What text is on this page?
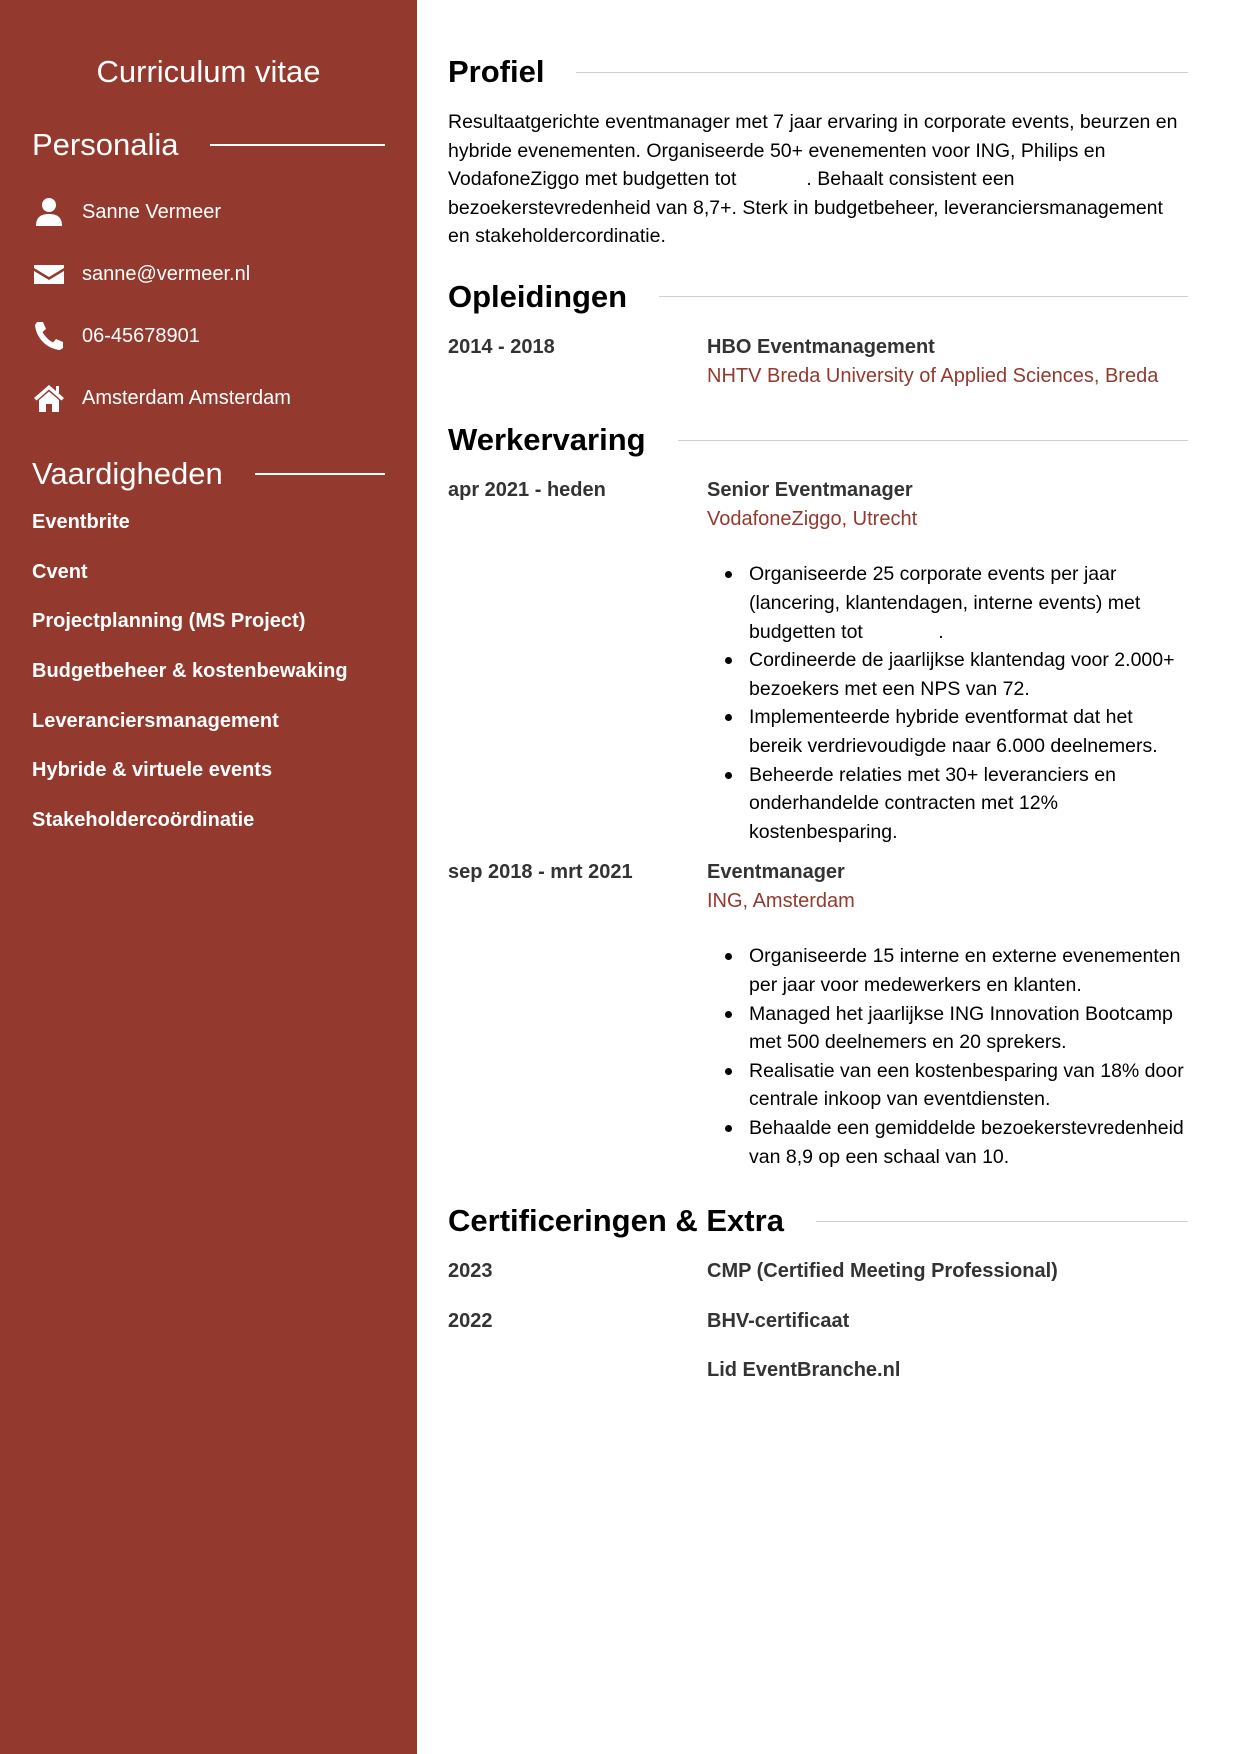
Curriculum vitae
Personalia
Sanne Vermeer
sanne@vermeer.nl
06-45678901
Amsterdam Amsterdam
Vaardigheden
Eventbrite
Cvent
Projectplanning (MS Project)
Budgetbeheer & kostenbewaking
Leveranciersmanagement
Hybride & virtuele events
Stakeholdercoördinatie
Profiel

Resultaatgerichte eventmanager met 7 jaar ervaring in corporate events, beurzen en hybride evenementen. Organiseerde 50+ evenementen voor ING, Philips en VodafoneZiggo met budgetten tot	. Behaalt consistent een bezoekerstevredenheid van 8,7+. Sterk in budgetbeheer, leveranciersmanagement en stakeholdercordinatie.

Opleidingen
2014 - 2018	HBO Eventmanagement
NHTV Breda University of Applied Sciences, Breda
Werkervaring
apr 2021 - heden	Senior Eventmanager
VodafoneZiggo, Utrecht
Organiseerde 25 corporate events per jaar (lancering, klantendagen, interne events) met budgetten tot	.
Cordineerde de jaarlijkse klantendag voor 2.000+ bezoekers met een NPS van 72.
Implementeerde hybride eventformat dat het bereik verdrievoudigde naar 6.000 deelnemers.
Beheerde relaties met 30+ leveranciers en onderhandelde contracten met 12% kostenbesparing.
sep 2018 - mrt 2021	Eventmanager
ING, Amsterdam
Organiseerde 15 interne en externe evenementen per jaar voor medewerkers en klanten.
Managed het jaarlijkse ING Innovation Bootcamp met 500 deelnemers en 20 sprekers.
Realisatie van een kostenbesparing van 18% door centrale inkoop van eventdiensten.
Behaalde een gemiddelde bezoekerstevredenheid van 8,9 op een schaal van 10.
Certificeringen & Extra
2023	CMP (Certified Meeting Professional)
2022	BHV-certificaat
Lid EventBranche.nl
